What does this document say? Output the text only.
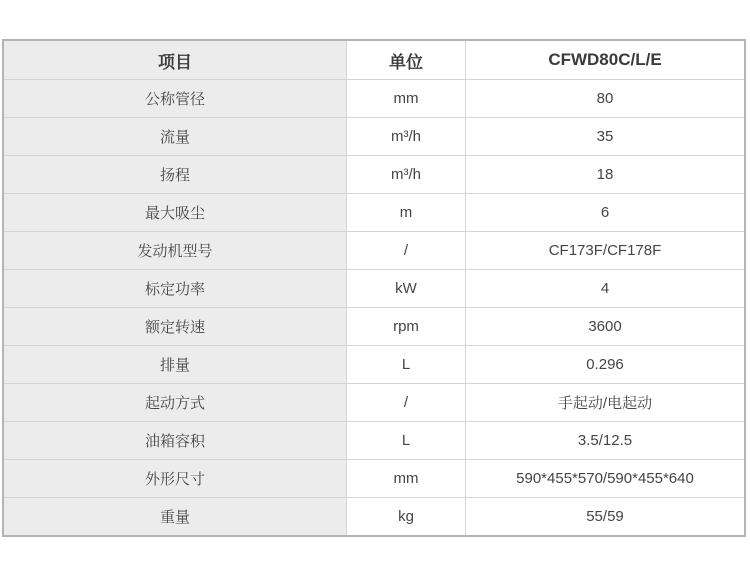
项目	单位	CFWD80C/L/E
公称管径	mm	80
流量	m³/h	35
扬程	m³/h	18
最大吸尘	m	6
发动机型号	/	CF173F/CF178F
标定功率	kW	4
额定转速	rpm	3600
排量	L	0.296
起动方式	/	手起动/电起动
油箱容积	L	3.5/12.5
外形尺寸	mm	590*455*570/590*455*640
重量	kg	55/59
